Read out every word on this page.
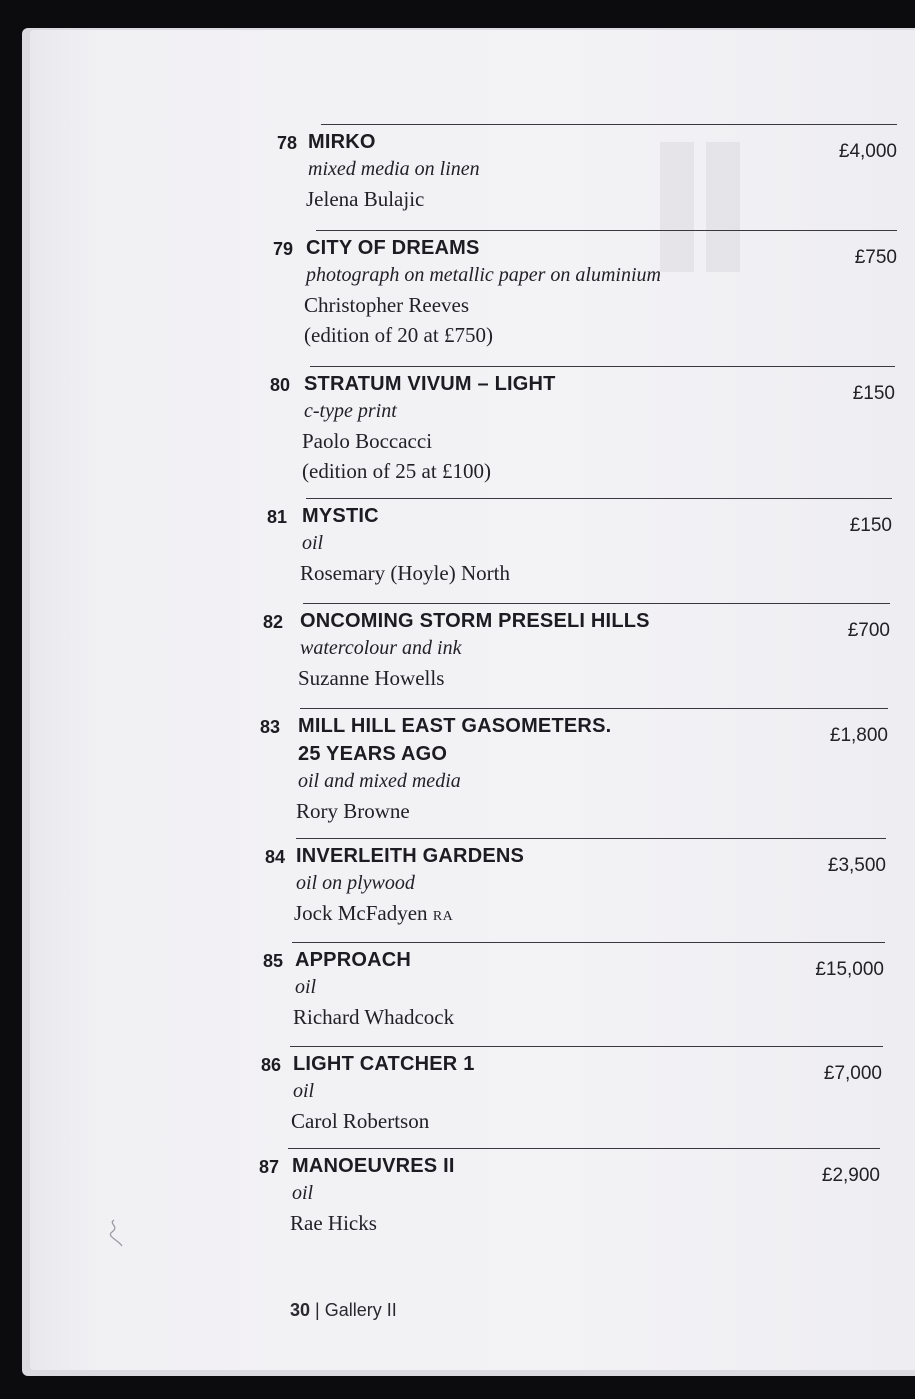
78 MIRKO
mixed media on linen
Jelena Bulajic
£4,000
79 CITY OF DREAMS
photograph on metallic paper on aluminium
Christopher Reeves
(edition of 20 at £750)
£750
80 STRATUM VIVUM – LIGHT
c-type print
Paolo Boccacci
(edition of 25 at £100)
£150
81 MYSTIC
oil
Rosemary (Hoyle) North
£150
82 ONCOMING STORM PRESELI HILLS
watercolour and ink
Suzanne Howells
£700
83 MILL HILL EAST GASOMETERS.
25 YEARS AGO
oil and mixed media
Rory Browne
£1,800
84 INVERLEITH GARDENS
oil on plywood
Jock McFadyen RA
£3,500
85 APPROACH
oil
Richard Whadcock
£15,000
86 LIGHT CATCHER 1
oil
Carol Robertson
£7,000
87 MANOEUVRES II
oil
Rae Hicks
£2,900
30 | Gallery II
